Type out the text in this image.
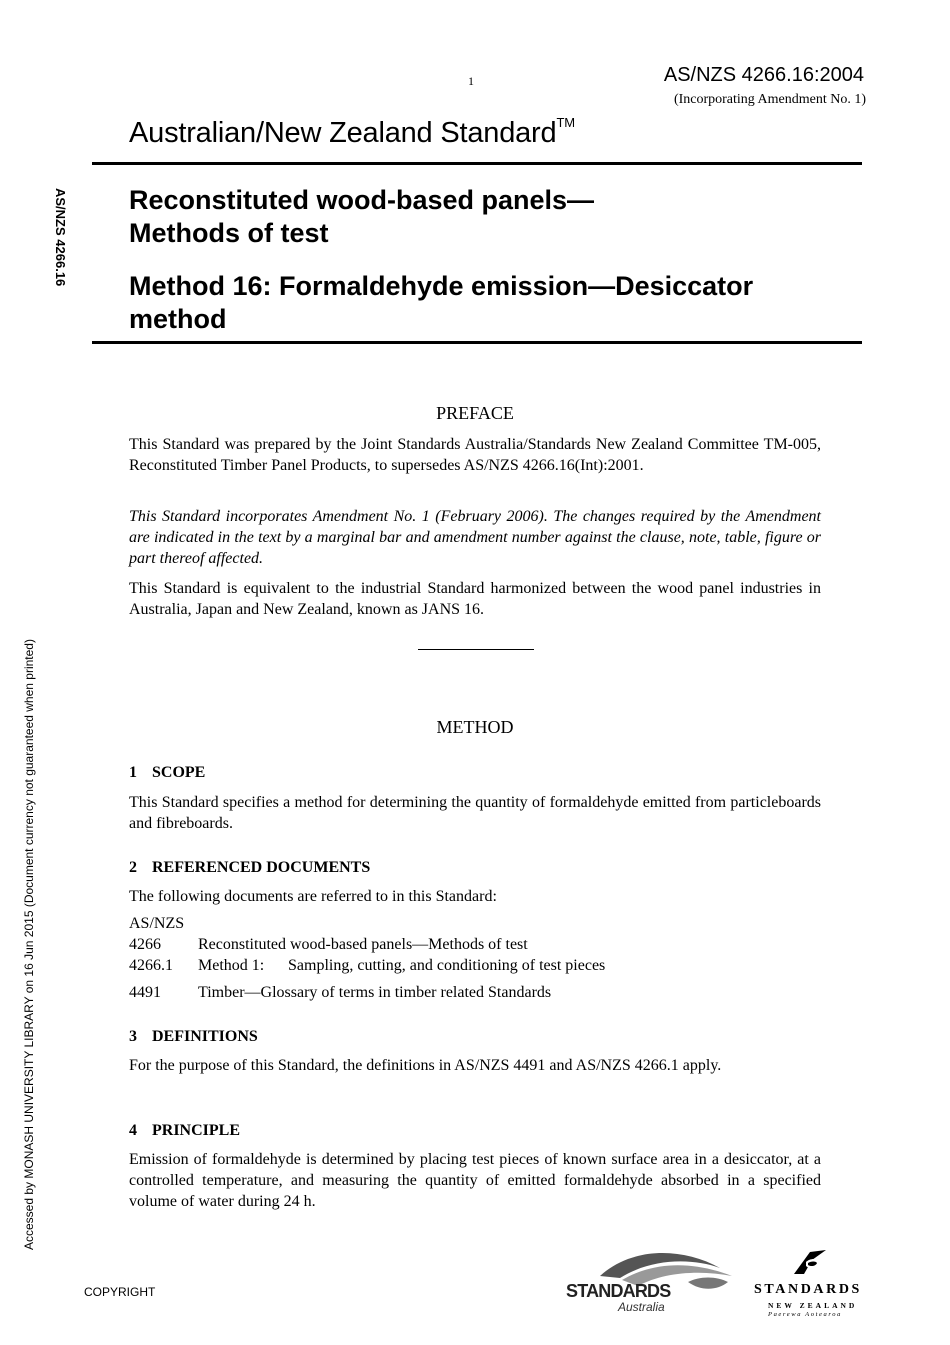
1	AS/NZS 4266.16:2004
(Incorporating Amendment No. 1)
Australian/New Zealand Standard™
Reconstituted wood-based panels—
Methods of test
Method 16: Formaldehyde emission—Desiccator
method
AS/NZS 4266.16
Accessed by MONASH UNIVERSITY LIBRARY on 16 Jun 2015 (Document currency not guaranteed when printed)
PREFACE
This Standard was prepared by the Joint Standards Australia/Standards New Zealand Committee TM-005, Reconstituted Timber Panel Products, to supersedes AS/NZS 4266.16(Int):2001.
This Standard incorporates Amendment No. 1 (February 2006). The changes required by the Amendment are indicated in the text by a marginal bar and amendment number against the clause, note, table, figure or part thereof affected.
This Standard is equivalent to the industrial Standard harmonized between the wood panel industries in Australia, Japan and New Zealand, known as JANS 16.
METHOD
1 SCOPE
This Standard specifies a method for determining the quantity of formaldehyde emitted from particleboards and fibreboards.
2 REFERENCED DOCUMENTS
The following documents are referred to in this Standard:
AS/NZS
4266 Reconstituted wood-based panels—Methods of test
4266.1 Method 1: Sampling, cutting, and conditioning of test pieces
4491 Timber—Glossary of terms in timber related Standards
3 DEFINITIONS
For the purpose of this Standard, the definitions in AS/NZS 4491 and AS/NZS 4266.1 apply.
4 PRINCIPLE
Emission of formaldehyde is determined by placing test pieces of known surface area in a desiccator, at a controlled temperature, and measuring the quantity of emitted formaldehyde absorbed in a specified volume of water during 24 h.
COPYRIGHT	STANDARDS
Australia
STANDARDS
NEW ZEALAND
Paerewa Aotearoa
